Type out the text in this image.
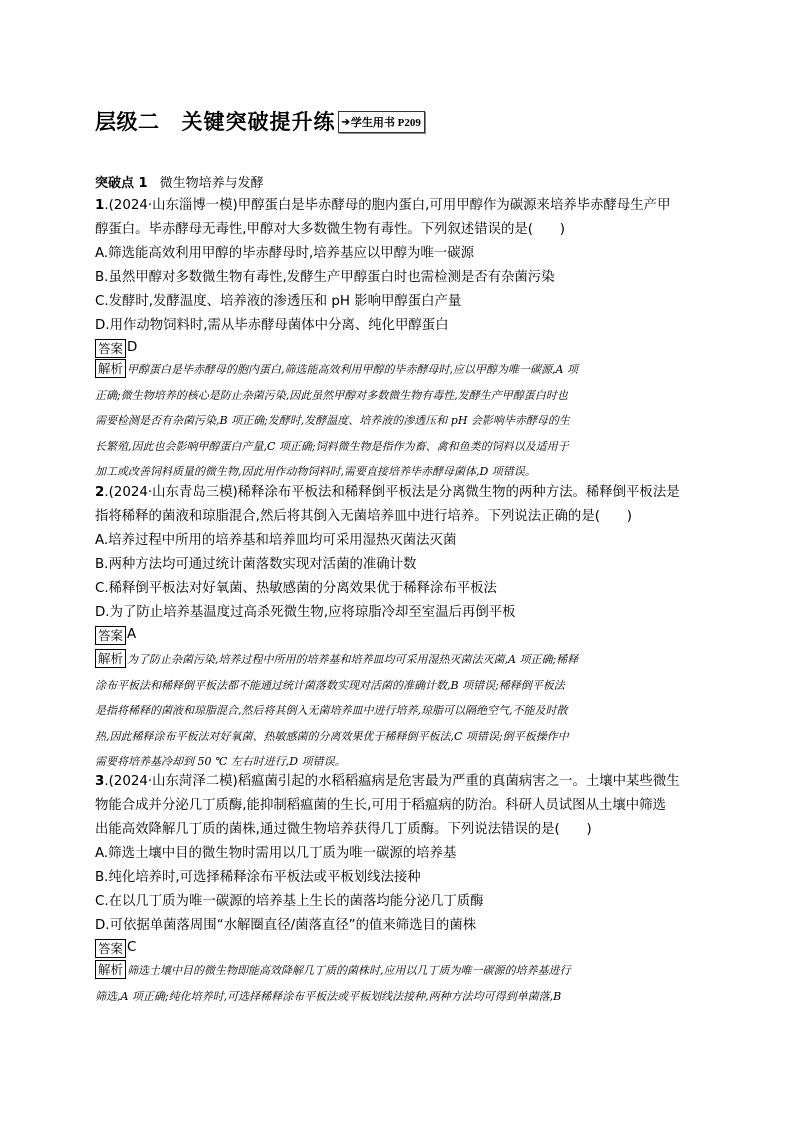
层级二 关键突破提升练 ➔ 学生用书 P209
突破点 1 微生物培养与发酵
1.(2024·山东淄博一模)甲醇蛋白是毕赤酵母的胞内蛋白,可用甲醇作为碳源来培养毕赤酵母生产甲
醇蛋白。毕赤酵母无毒性,甲醇对大多数微生物有毒性。下列叙述错误的是(　　)
A.筛选能高效利用甲醇的毕赤酵母时,培养基应以甲醇为唯一碳源
B.虽然甲醇对多数微生物有毒性,发酵生产甲醇蛋白时也需检测是否有杂菌污染
C.发酵时,发酵温度、培养液的渗透压和 pH 影响甲醇蛋白产量
D.用作动物饲料时,需从毕赤酵母菌体中分离、纯化甲醇蛋白
答案 D
解析 甲醇蛋白是毕赤酵母的胞内蛋白,筛选能高效利用甲醇的毕赤酵母时,应以甲醇为唯一碳源,A 项
正确;微生物培养的核心是防止杂菌污染,因此虽然甲醇对多数微生物有毒性,发酵生产甲醇蛋白时也
需要检测是否有杂菌污染,B 项正确;发酵时,发酵温度、培养液的渗透压和 pH 会影响毕赤酵母的生
长繁殖,因此也会影响甲醇蛋白产量,C 项正确;饲料微生物是指作为畜、禽和鱼类的饲料以及适用于
加工或改善饲料质量的微生物,因此用作动物饲料时,需要直接培养毕赤酵母菌体,D 项错误。
2.(2024·山东青岛三模)稀释涂布平板法和稀释倒平板法是分离微生物的两种方法。稀释倒平板法是
指将稀释的菌液和琼脂混合,然后将其倒入无菌培养皿中进行培养。下列说法正确的是(　　)
A.培养过程中所用的培养基和培养皿均可采用湿热灭菌法灭菌
B.两种方法均可通过统计菌落数实现对活菌的准确计数
C.稀释倒平板法对好氧菌、热敏感菌的分离效果优于稀释涂布平板法
D.为了防止培养基温度过高杀死微生物,应将琼脂冷却至室温后再倒平板
答案 A
解析 为了防止杂菌污染,培养过程中所用的培养基和培养皿均可采用湿热灭菌法灭菌,A 项正确;稀释
涂布平板法和稀释倒平板法都不能通过统计菌落数实现对活菌的准确计数,B 项错误;稀释倒平板法
是指将稀释的菌液和琼脂混合,然后将其倒入无菌培养皿中进行培养,琼脂可以隔绝空气,不能及时散
热,因此稀释涂布平板法对好氧菌、热敏感菌的分离效果优于稀释倒平板法,C 项错误;倒平板操作中
需要将培养基冷却到 50 ℃ 左右时进行,D 项错误。
3.(2024·山东菏泽二模)稻瘟菌引起的水稻稻瘟病是危害最为严重的真菌病害之一。土壤中某些微生
物能合成并分泌几丁质酶,能抑制稻瘟菌的生长,可用于稻瘟病的防治。科研人员试图从土壤中筛选
出能高效降解几丁质的菌株,通过微生物培养获得几丁质酶。下列说法错误的是(　　)
A.筛选土壤中目的微生物时需用以几丁质为唯一碳源的培养基
B.纯化培养时,可选择稀释涂布平板法或平板划线法接种
C.在以几丁质为唯一碳源的培养基上生长的菌落均能分泌几丁质酶
D.可依据单菌落周围“水解圈直径/菌落直径”的值来筛选目的菌株
答案 C
解析 筛选土壤中目的微生物即能高效降解几丁质的菌株时,应用以几丁质为唯一碳源的培养基进行
筛选,A 项正确;纯化培养时,可选择稀释涂布平板法或平板划线法接种,两种方法均可得到单菌落,B
